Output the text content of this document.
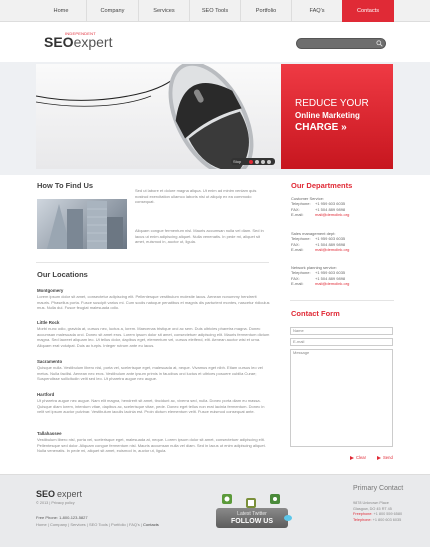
Home	Company	Services	SEO Tools	Portfolio	FAQ's	Contacts
INDEPENDENT
SEOexpert
REDUCE YOUR
Online Marketing
CHARGE »
Stop
How To Find Us
Sed ut labore et dolore magna aliqua. Ut enim ad minim veniam quis nostrud exercitation ullamco laboris nisi ut aliquip ex ea commodo consequat.
Aliquam congue fermentum nisl. Mauris accumsan nulla vel diam. Sed in lacus ut enim adipiscing aliquet. Nulla venenatis. In pede mi, aliquet sit amet, euismod in, auctor ut, ligula.
Our Locations
Montgomery
Lorem ipsum dolor sit amet, consectetur adipiscing elit. Pellentesque vestibulum molestie lacus. Aenean nonummy hendrerit mauris. Phasellus porta. Fusce suscipit varius mi. Cum sociis natoque penatibus et magnis dis parturient montes, nascetur ridiculus mus. Nulla dui. Fusce feugiat malesuada odio.
Little Rock
Morbi nunc odio, gravida at, cursus nec, luctus a, lorem. Maecenas tristique orci ac sem. Duis ultricies pharetra magna. Donec accumsan malesuada orci. Donec sit amet eros. Lorem ipsum dolor sit amet, consectetuer adipiscing elit. Mauris fermentum dictum magna. Sed laoreet aliquam leo. Ut tellus dolor, dapibus eget, elementum vel, cursus eleifend, elit. Aenean auctor wisi et urna. Aliquam erat volutpat. Duis ac turpis. Integer rutrum ante eu lacus.
Sacramento
Quisque nulla. Vestibulum libero nisl, porta vel, scelerisque eget, malesuada at, neque. Vivamus eget nibh. Etiam cursus leo vel metus. Nulla facilisi. Aenean nec eros. Vestibulum ante ipsum primis in faucibus orci luctus et ultrices posuere cubilia Curae; Suspendisse sollicitudin velit sed leo. Ut pharetra augue nec augue.
Hartford
Ut pharetra augue nec augue. Nam elit magna, hendrerit sit amet, tincidunt ac, viverra sed, nulla. Donec porta diam eu massa. Quisque diam lorem, interdum vitae, dapibus ac, scelerisque vitae, pede. Donec eget tellus non erat lacinia fermentum. Donec in velit vel ipsum auctor pulvinar. Vestibulum iaculis lacinia est. Proin dictum elementum velit. Fusce euismod consequat ante.
Tallahassee
Vestibulum libero nisl, porta vel, scelerisque eget, malesuada at, neque. Lorem ipsum dolor sit amet, consectetuer adipiscing elit. Pellentesque sed dolor. Aliquam congue fermentum nisl. Mauris accumsan nulla vel diam. Sed in lacus ut enim adipiscing aliquet. Nulla venenatis. In pede mi, aliquet sit amet, euismod in, auctor ut, ligula.
Our Departments
Customer Service:
Telephone:	+1 959 603 6035
FAX:	+1 504 889 9898
E-mail:	mail@demolink.org
Sales management dept:
Telephone:	+1 959 603 6035
FAX:	+1 504 889 9898
E-mail:	mail@demolink.org
Network planning service:
Telephone:	+1 959 603 6035
FAX:	+1 504 889 9898
E-mail:	mail@demolink.org
Contact Form
Name
E-mail
Message
Clear	Send
SEO expert
© 2013 | Privacy policy
Free Phone: 1-800-123-5827
Home | Company | Services | SEO Tools | Portfolio | FAQ's | Contacts
Latest Twitter
FOLLOW US
Primary Contact
9878 Unknown Place
Glasgow, DO 45 RT 45
Freephone: +1 800 559 6580
Telephone: +1 800 603 6035
